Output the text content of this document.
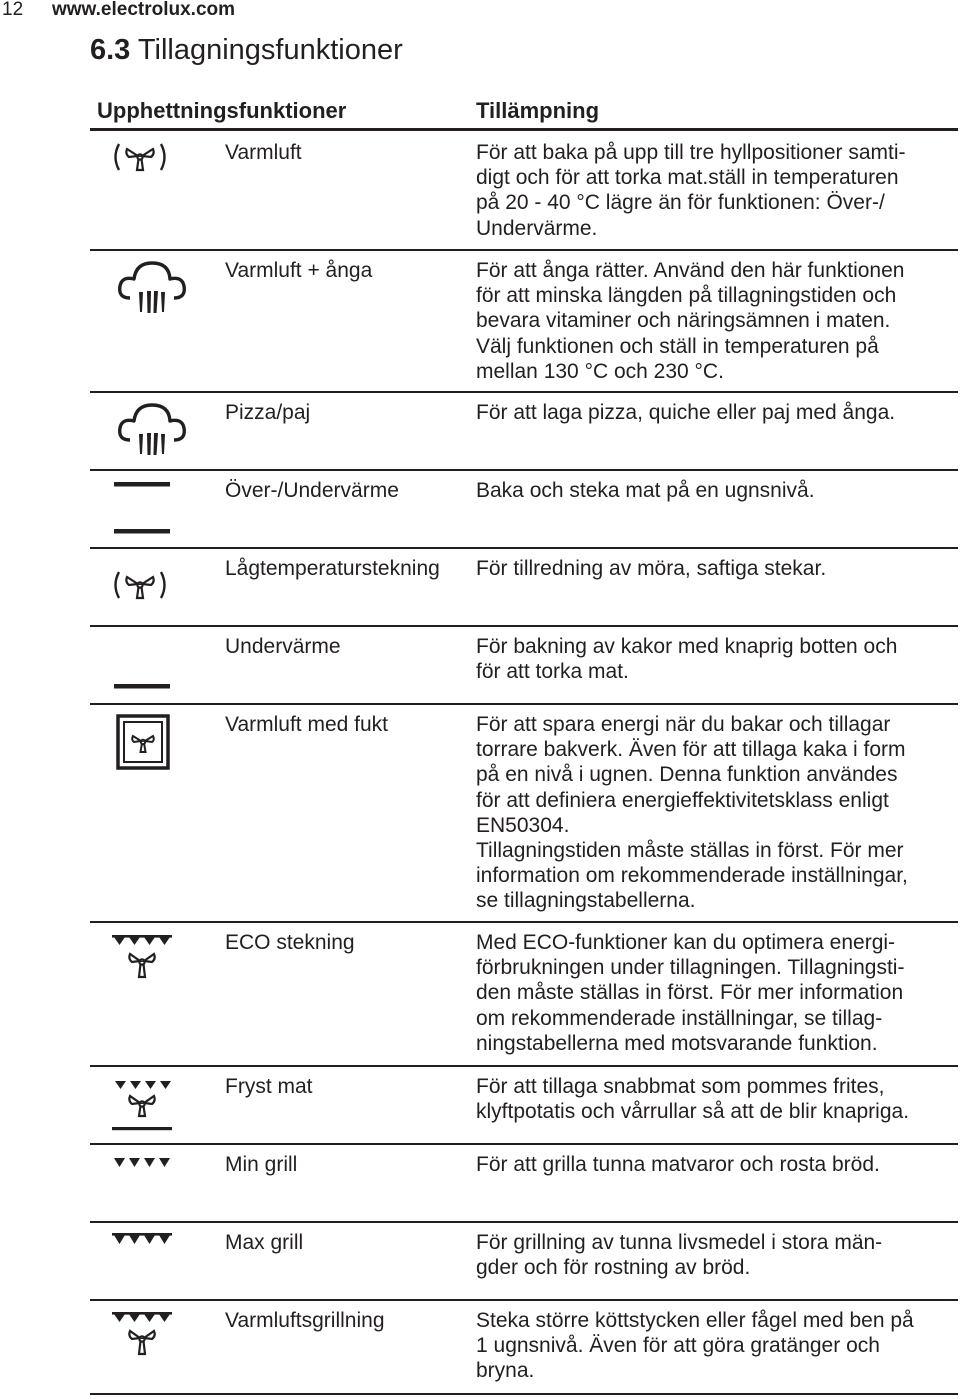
12 www.electrolux.com
6.3 Tillagningsfunktioner
Upphettningsfunktioner	Tillämpning
Varmluft	För att baka på upp till tre hyllpositioner samti-

digt och för att torka mat.ställ in temperaturen

på 20 - 40 °C lägre än för funktionen: Över-/

Undervärme.

Varmluft + ånga	För att ånga rätter. Använd den här funktionen

för att minska längden på tillagningstiden och

bevara vitaminer och näringsämnen i maten.

Välj funktionen och ställ in temperaturen på

mellan 130 °C och 230 °C.

Pizza/paj	För att laga pizza, quiche eller paj med ånga.

Över-/Undervärme	Baka och steka mat på en ugnsnivå.

Lågtemperaturstekning För tillredning av möra, saftiga stekar.

Undervärme	För bakning av kakor med knaprig botten och

för att torka mat.

Varmluft med fukt	För att spara energi när du bakar och tillagar

torrare bakverk. Även för att tillaga kaka i form

på en nivå i ugnen. Denna funktion användes

för att definiera energieffektivitetsklass enligt

EN50304.

Tillagningstiden måste ställas in först. För mer

information om rekommenderade inställningar,

se tillagningstabellerna.

ECO stekning	Med ECO-funktioner kan du optimera energi-

förbrukningen under tillagningen. Tillagningsti-

den måste ställas in först. För mer information

om rekommenderade inställningar, se tillag-

ningstabellerna med motsvarande funktion.

Fryst mat	För att tillaga snabbmat som pommes frites,

klyftpotatis och vårrullar så att de blir knapriga.

Min grill	För att grilla tunna matvaror och rosta bröd.

Max grill	För grillning av tunna livsmedel i stora män-

gder och för rostning av bröd.

Varmluftsgrillning	Steka större köttstycken eller fågel med ben på

1 ugnsnivå. Även för att göra gratänger och

bryna.
